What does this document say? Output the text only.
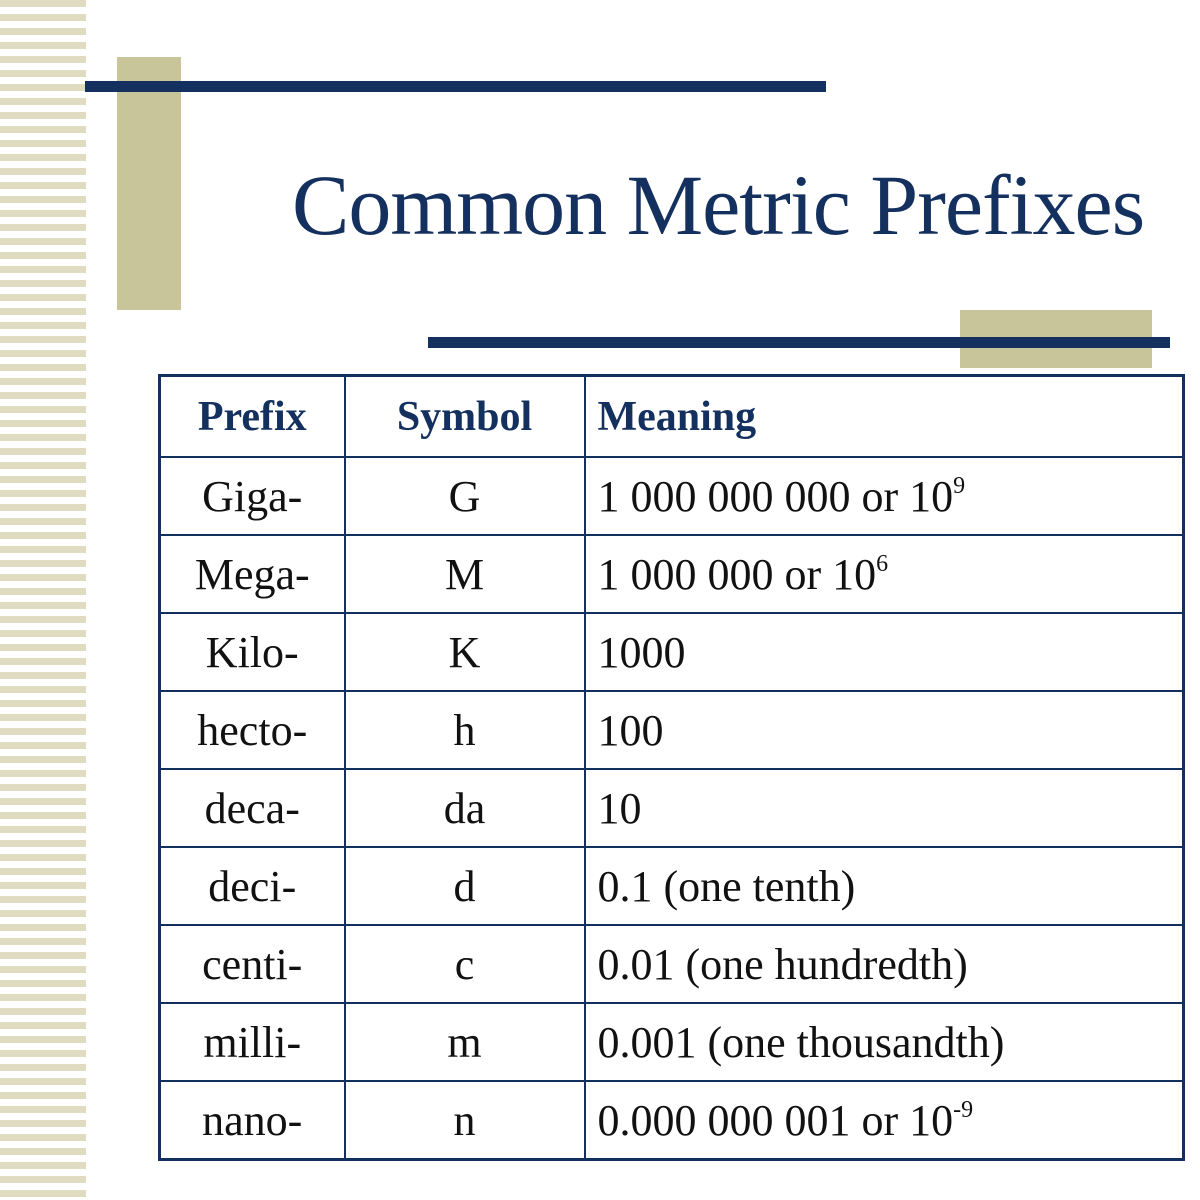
Common Metric Prefixes
Prefix	Symbol	Meaning
Giga-	G	1 000 000 000 or $10^9$
Mega-	M	1 000 000 or $10^6$
Kilo-	K	1000
hecto-	h	100
deca-	da	10
deci-	d	0.1 (one tenth)
centi-	c	0.01 (one hundredth)
milli-	m	0.001 (one thousandth)
nano-	n	0.000 000 001 or $10^{-9}$
